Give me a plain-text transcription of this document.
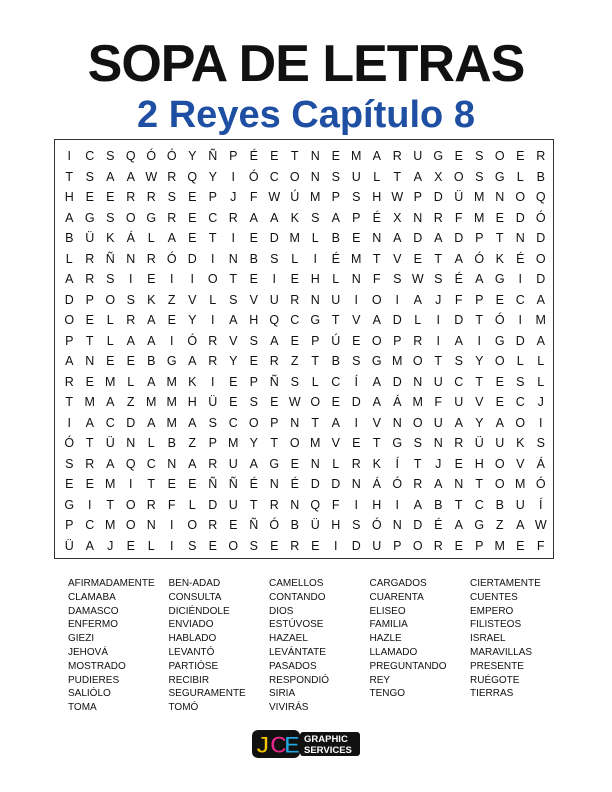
SOPA DE LETRAS
2 Reyes Capítulo 8
I	C S Q Ó Ó Y Ñ P É E	T N E M A R U G E S O E R
T	S A A W R Q Y	I	Ó C O N S U	L	T	A X O S G L	B
H E E R R S E P	J	F W Ú M P S H W P D Ü M N O Q
A G S O G R E C R A A K S A P É X N R F M E D Ó
B Ü K Á	L	A E	T	I	E D M L	B E N A D A D P	T N D
L	R Ñ N R Ó D	I	N B S	L	I	É M T	V E	T	A Ó K É O
A R S	I	E	I	I	O T	E	I	E H	L	N F	S W S É A G	I	D
D P O S K	Z	V	L	S V U R N U	I	O	I	A	J	F	P E C A
O E	L	R A E Y	I	A H Q C G T	V A D	L	I	D T Ó	I	M
P	T	L	A A	I	Ó R V S A E P Ú E O P R	I	A	I	G D A
A N E E B G A R Y E R Z	T	B S G M O T	S Y O L	L
R E M L	A M K	I	E P Ñ S	L	C	Í	A D N U C T	E S	L
T M A	Z M M H Ü E S E W O E D A Á M F U V E C	J
I	A C D A M A S C O P N T	A	I	V N O U A Y A O	I
Ó T Ü N	L	B	Z	P M Y	T O M V E	T G S N R Ü U K S
S R A Q C N A R U A G E N	L	R K	Í	T	J	E H O V Á
E E M	I	T	E E Ñ Ñ É N É D D N Á Ó R A N T O M Ó
G	I	T O R F	L	D U T R N Q F	I	H	I	A B	T C B U	Í
P C M O N	I	O R E Ñ Ó B Ü H S Ó N D É A G Z	A W
Ü A	J	E	L	I	S E O S E R E	I	D U P O R E P M E	F
AFIRMADAMENTE
CLAMABA
DAMASCO
ENFERMO
GIEZI
JEHOVÁ
MOSTRADO
PUDIERES
SALIÓLO
TOMA
BEN-ADAD
CONSULTA
DICIÉNDOLE
ENVIADO
HABLADO
LEVANTÓ
PARTIÓSE
RECIBIR
SEGURAMENTE
TOMÓ
CAMELLOS
CONTANDO
DIOS
ESTÚVOSE
HAZAEL
LEVÁNTATE
PASADOS
RESPONDIÓ
SIRIA
VIVIRÁS
CARGADOS
CUARENTA
ELISEO
FAMILIA
HAZLE
LLAMADO
PREGUNTANDO
REY
TENGO
CIERTAMENTE
CUENTES
EMPERO
FILISTEOS
ISRAEL
MARAVILLAS
PRESENTE
RUÉGOTE
TIERRAS
J C
E GRAPHIC
SERVICES
